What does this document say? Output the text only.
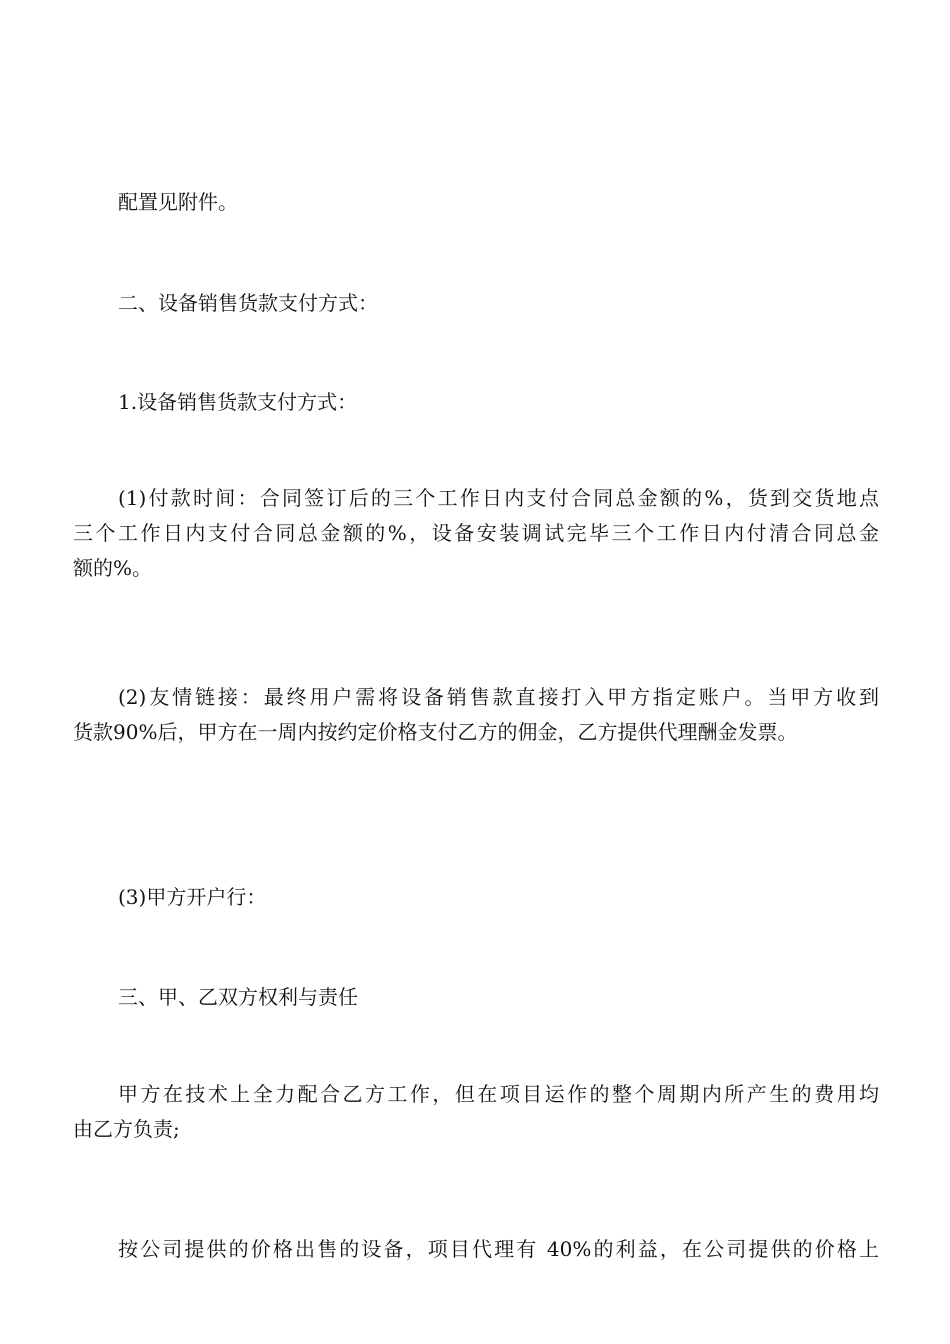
配置见附件。

二、设备销售货款支付方式：

1.设备销售货款支付方式：

(1)付款时间：合同签订后的三个工作日内支付合同总金额的%，货到交货地点
三个工作日内支付合同总金额的%，设备安装调试完毕三个工作日内付清合同总金
额的%。

(2)友情链接：最终用户需将设备销售款直接打入甲方指定账户。当甲方收到
货款90%后，甲方在一周内按约定价格支付乙方的佣金，乙方提供代理酬金发票。

(3)甲方开户行：

三、甲、乙双方权利与责任

甲方在技术上全力配合乙方工作，但在项目运作的整个周期内所产生的费用均
由乙方负责;

按公司提供的价格出售的设备，项目代理有 40%的利益，在公司提供的价格上
